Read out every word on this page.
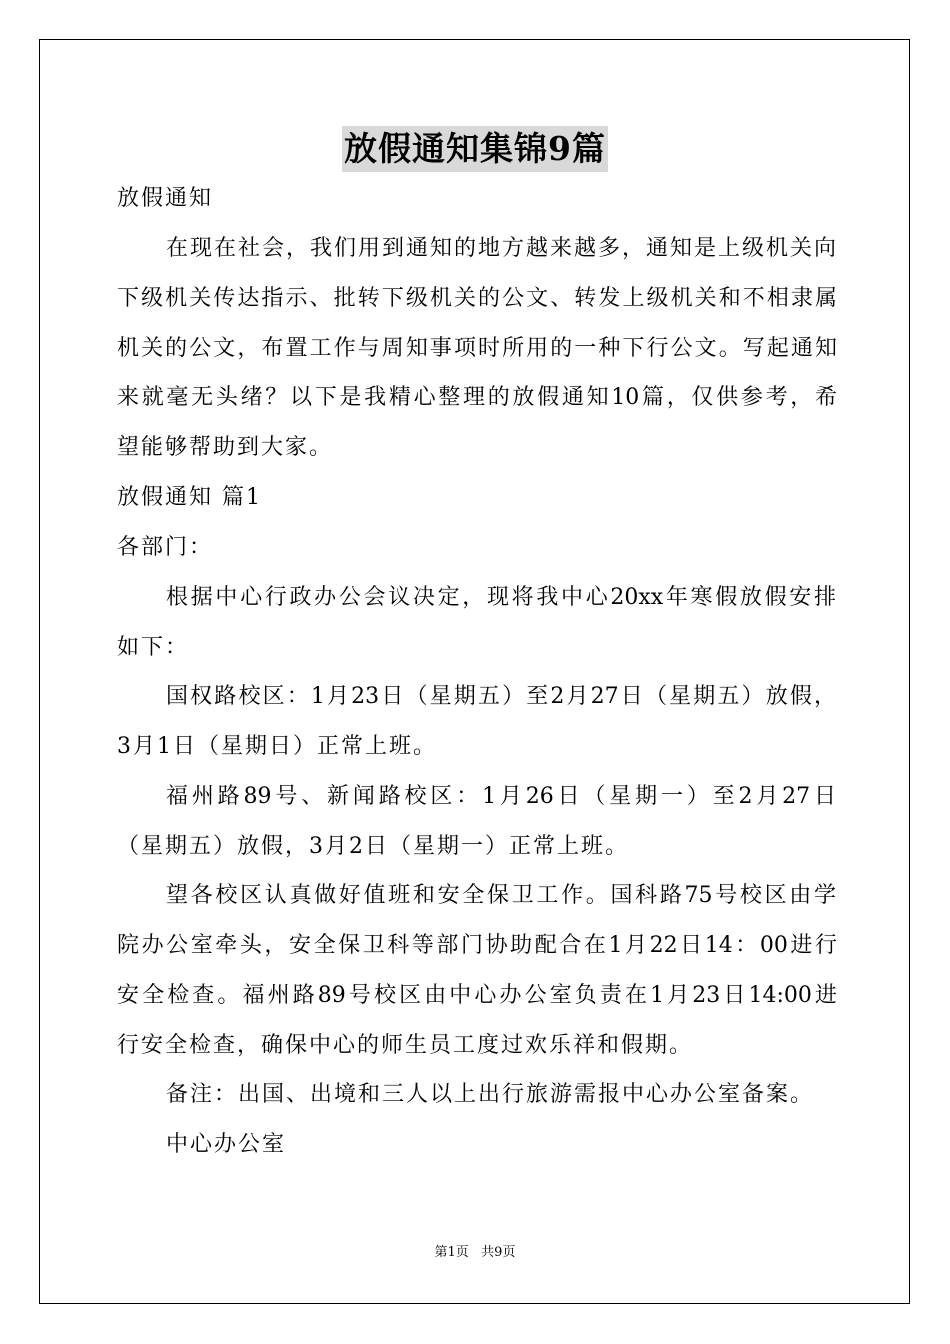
放假通知集锦9篇
放假通知
在现在社会，我们用到通知的地方越来越多，通知是上级机关向
下级机关传达指示、批转下级机关的公文、转发上级机关和不相隶属
机关的公文，布置工作与周知事项时所用的一种下行公文。写起通知
来就毫无头绪？以下是我精心整理的放假通知10篇，仅供参考，希
望能够帮助到大家。
放假通知 篇1
各部门：
根据中心行政办公会议决定，现将我中心20xx年寒假放假安排
如下：
国权路校区：1月23日（星期五）至2月27日（星期五）放假，
3月1日（星期日）正常上班。
福州路89号、新闻路校区：1月26日（星期一）至2月27日
（星期五）放假，3月2日（星期一）正常上班。
望各校区认真做好值班和安全保卫工作。国科路75号校区由学
院办公室牵头，安全保卫科等部门协助配合在1月22日14：00进行
安全检查。福州路89号校区由中心办公室负责在1月23日14:00进
行安全检查，确保中心的师生员工度过欢乐祥和假期。
备注：出国、出境和三人以上出行旅游需报中心办公室备案。
中心办公室
第1页   共9页
